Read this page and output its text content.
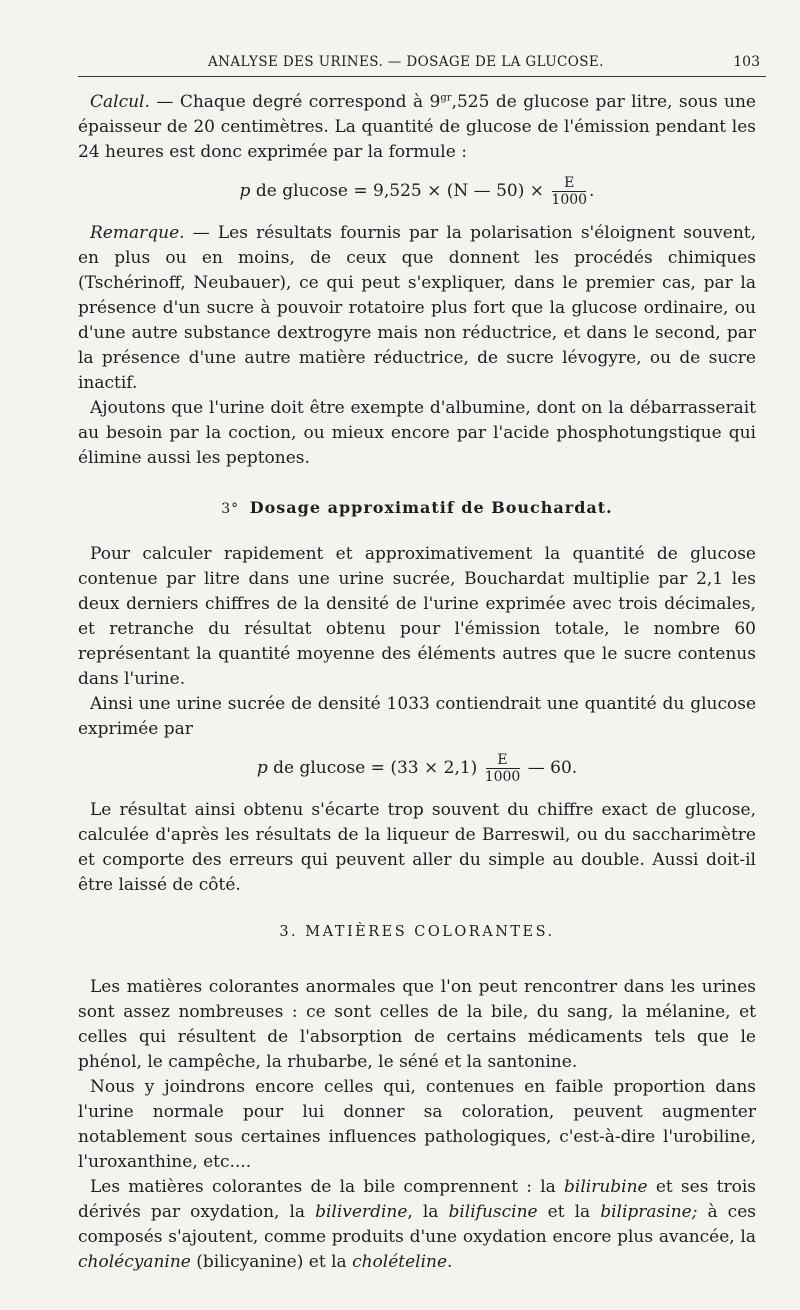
ANALYSE DES URINES. — DOSAGE DE LA GLUCOSE.	103

Calcul. — Chaque degré correspond à $9^{gr},525$ de glucose par litre, sous une épaisseur de 20 centimètres. La quantité de glucose de l'émission pendant les 24 heures est donc exprimée par la formule :

p de glucose = 9,525 × (N — $50) \times \frac{E}{1000}$ .

Remarque. — Les résultats fournis par la polarisation s'éloignent souvent, en plus ou en moins, de ceux que donnent les procédés chimiques (Tschérinoff, Neubauer), ce qui peut s'expliquer, dans le premier cas, par la présence d'un sucre à pouvoir rotatoire plus fort que la glucose ordinaire, ou d'une autre substance dextrogyre mais non réductrice, et dans le second, par la présence d'une autre matière réductrice, de sucre lévogyre, ou de sucre inactif.

Ajoutons que l'urine doit être exempte d'albumine, dont on la débarrasserait au besoin par la coction, ou mieux encore par l'acide phosphotungstique qui élimine aussi les peptones.

3° Dosage approximatif de Bouchardat.

Pour calculer rapidement et approximativement la quantité de glucose contenue par litre dans une urine sucrée, Bouchardat multiplie par 2,1 les deux derniers chiffres de la densité de l'urine exprimée avec trois décimales, et retranche du résultat obtenu pour l'émission totale, le nombre 60 représentant la quantité moyenne des éléments autres que le sucre contenus dans l'urine.

Ainsi une urine sucrée de densité 1033 contiendrait une quantité du glucose exprimée par

p de $glucose = (33 \times 2,1) \frac{E}{1000}$ — 60.

Le résultat ainsi obtenu s'écarte trop souvent du chiffre exact de glucose, calculée d'après les résultats de la liqueur de Barreswil, ou du saccharimètre et comporte des erreurs qui peuvent aller du simple au double. Aussi doit-il être laissé de côté.

3. MATIÈRES COLORANTES.

Les matières colorantes anormales que l'on peut rencontrer dans les urines sont assez nombreuses : ce sont celles de la bile, du sang, la mélanine, et celles qui résultent de l'absorption de certains médicaments tels que le phénol, le campêche, la rhubarbe, le séné et la santonine.

Nous y joindrons encore celles qui, contenues en faible proportion dans l'urine normale pour lui donner sa coloration, peuvent augmenter notablement sous certaines influences pathologiques, c'est-à-dire l'urobiline, l'uroxanthine, etc....

Les matières colorantes de la bile comprennent : la bilirubine et ses trois dérivés par oxydation, la biliverdine, la bilifuscine et la biliprasine; à ces composés s'ajoutent, comme produits d'une oxydation encore plus avancée, la cholécyanine (bilicyanine) et la cholételine.
